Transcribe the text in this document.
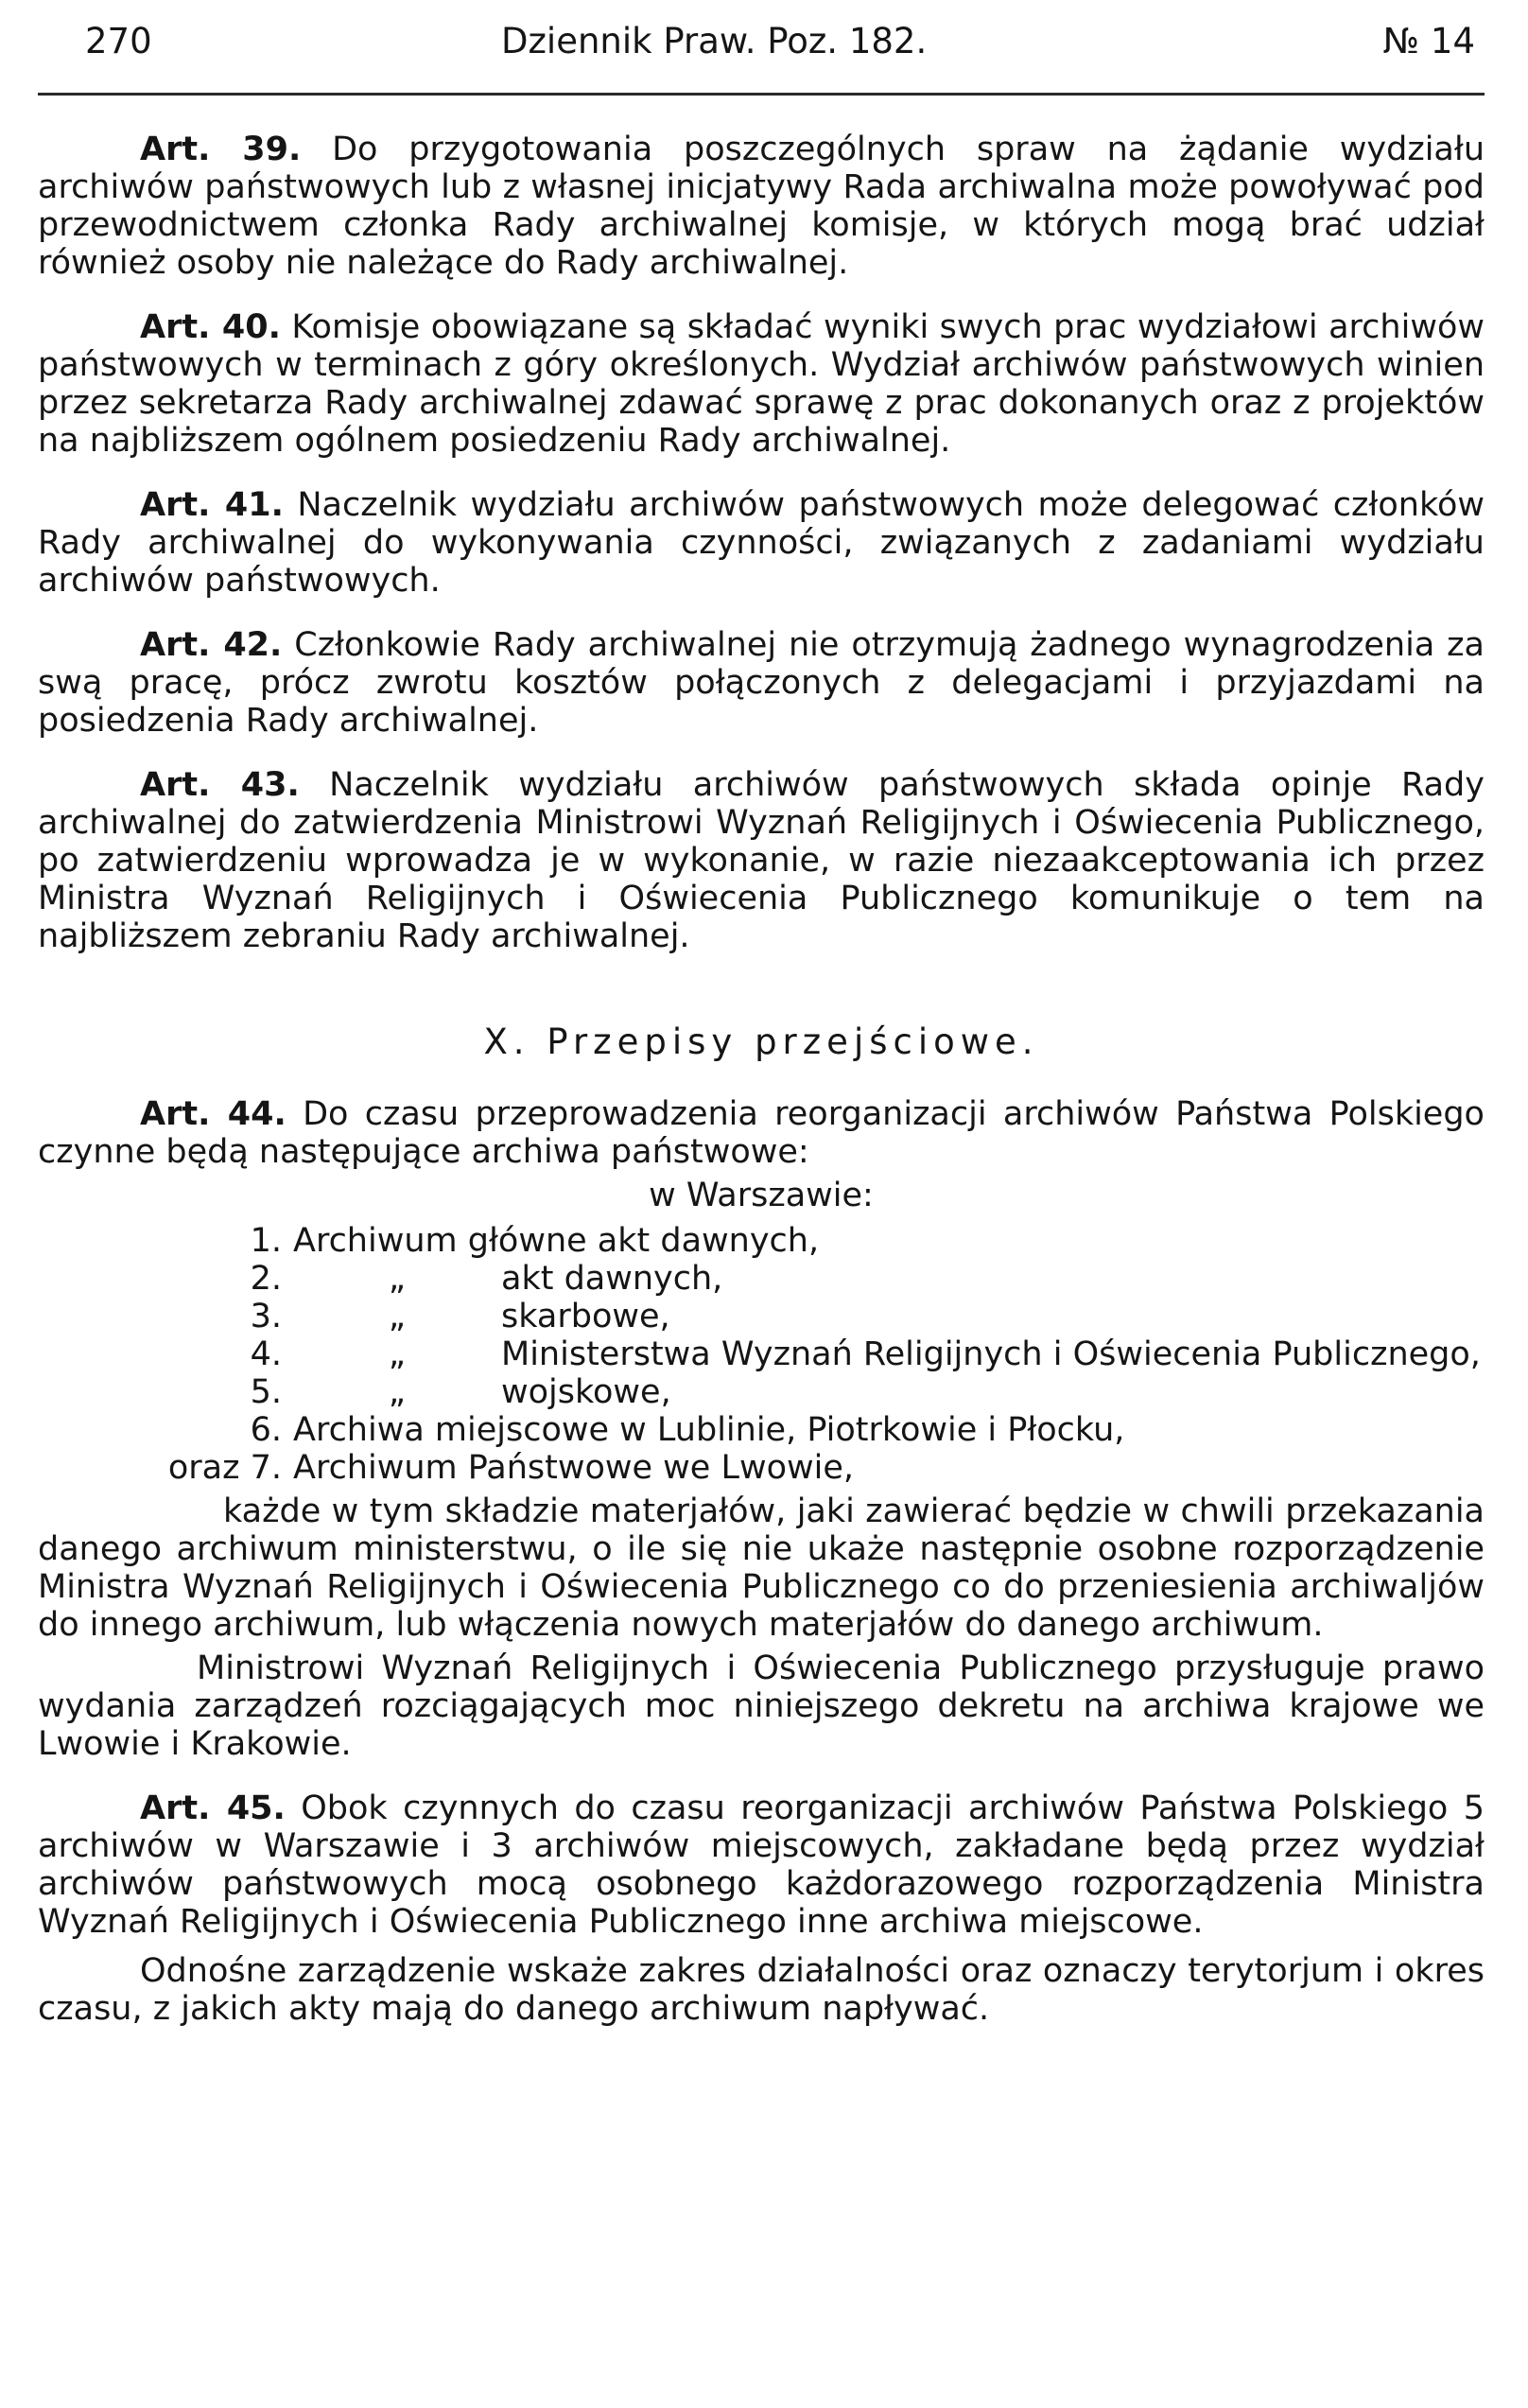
270	Dziennik Praw. Poz. 182.	№ 14

Art. 39. Do przygotowania poszczególnych spraw na żądanie wydziału archiwów państwowych lub z własnej inicjatywy Rada archiwalna może powoływać pod przewodnictwem członka Rady archiwalnej komisje, w których mogą brać udział również osoby nie należące do Rady archiwalnej.

Art. 40. Komisje obowiązane są składać wyniki swych prac wydziałowi archiwów państwowych w terminach z góry określonych. Wydział archiwów państwowych winien przez sekretarza Rady archiwalnej zdawać sprawę z prac dokonanych oraz z projektów na najbliższem ogólnem posiedzeniu Rady archiwalnej.

Art. 41. Naczelnik wydziału archiwów państwowych może delegować członków Rady archiwalnej do wykonywania czynności, związanych z zadaniami wydziału archiwów państwowych.

Art. 42. Członkowie Rady archiwalnej nie otrzymują żadnego wynagrodzenia za swą pracę, prócz zwrotu kosztów połączonych z delegacjami i przyjazdami na posiedzenia Rady archiwalnej.

Art. 43. Naczelnik wydziału archiwów państwowych składa opinje Rady archiwalnej do zatwierdzenia Ministrowi Wyznań Religijnych i Oświecenia Publicznego, po zatwierdzeniu wprowadza je w wykonanie, w razie niezaakceptowania ich przez Ministra Wyznań Religijnych i Oświecenia Publicznego komunikuje o tem na najbliższem zebraniu Rady archiwalnej.

X. Przepisy przejściowe.

Art. 44. Do czasu przeprowadzenia reorganizacji archiwów Państwa Polskiego czynne będą następujące archiwa państwowe:

w Warszawie:
1. Archiwum główne akt dawnych,
2.	„	akt dawnych,
3.	„	skarbowe,
4.	„	Ministerstwa Wyznań Religijnych i Oświecenia Publicznego,
5.	„	wojskowe,
6. Archiwa miejscowe w Lublinie, Piotrkowie i Płocku,
oraz 7. Archiwum Państwowe we Lwowie,

każde w tym składzie materjałów, jaki zawierać będzie w chwili przekazania danego archiwum ministerstwu, o ile się nie ukaże następnie osobne rozporządzenie Ministra Wyznań Religijnych i Oświecenia Publicznego co do przeniesienia archiwaljów do innego archiwum, lub włączenia nowych materjałów do danego archiwum.

Ministrowi Wyznań Religijnych i Oświecenia Publicznego przysługuje prawo wydania zarządzeń rozciągających moc niniejszego dekretu na archiwa krajowe we Lwowie i Krakowie.

Art. 45. Obok czynnych do czasu reorganizacji archiwów Państwa Polskiego 5 archiwów w Warszawie i 3 archiwów miejscowych, zakładane będą przez wydział archiwów państwowych mocą osobnego każdorazowego rozporządzenia Ministra Wyznań Religijnych i Oświecenia Publicznego inne archiwa miejscowe.

Odnośne zarządzenie wskaże zakres działalności oraz oznaczy terytorjum i okres czasu, z jakich akty mają do danego archiwum napływać.
